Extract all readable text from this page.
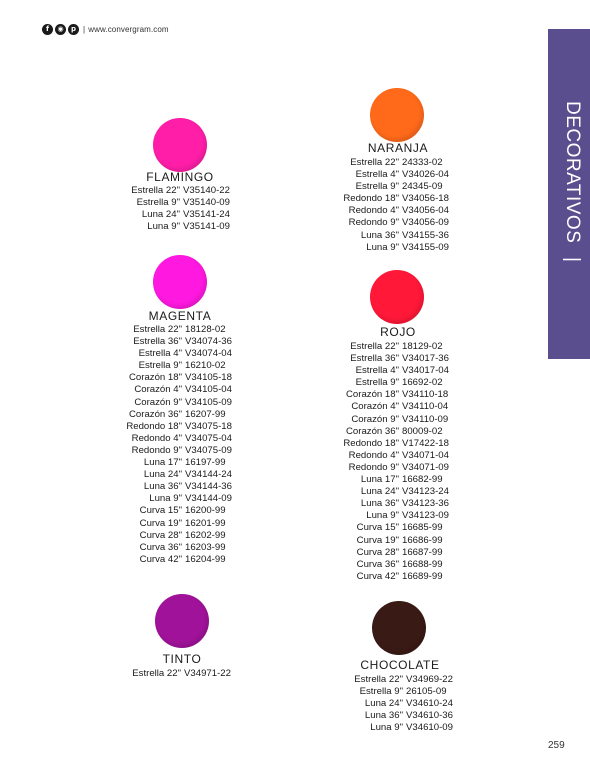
f	◉	p | www.convergram.com
DECORATIVOS |
FLAMINGO
Estrella 22" V35140-22
Estrella 9" V35140-09
Luna 24" V35141-24
Luna 9" V35141-09
MAGENTA
Estrella 22" 18128-02
Estrella 36" V34074-36
Estrella 4" V34074-04
Estrella 9" 16210-02
Corazón 18" V34105-18
Corazón 4" V34105-04
Corazón 9" V34105-09
Corazón 36" 16207-99
Redondo 18" V34075-18
Redondo 4" V34075-04
Redondo 9" V34075-09
Luna 17" 16197-99
Luna 24" V34144-24
Luna 36" V34144-36
Luna 9" V34144-09
Curva 15" 16200-99
Curva 19" 16201-99
Curva 28" 16202-99
Curva 36" 16203-99
Curva 42" 16204-99
TINTO
Estrella 22" V34971-22
NARANJA
Estrella 22" 24333-02
Estrella 4" V34026-04
Estrella 9" 24345-09
Redondo 18" V34056-18
Redondo 4" V34056-04
Redondo 9" V34056-09
Luna 36" V34155-36
Luna 9" V34155-09
ROJO
Estrella 22" 18129-02
Estrella 36" V34017-36
Estrella 4" V34017-04
Estrella 9" 16692-02
Corazón 18" V34110-18
Corazón 4" V34110-04
Corazón 9" V34110-09
Corazón 36" 80009-02
Redondo 18" V17422-18
Redondo 4" V34071-04
Redondo 9" V34071-09
Luna 17" 16682-99
Luna 24" V34123-24
Luna 36" V34123-36
Luna 9" V34123-09
Curva 15" 16685-99
Curva 19" 16686-99
Curva 28" 16687-99
Curva 36" 16688-99
Curva 42" 16689-99
CHOCOLATE
Estrella 22" V34969-22
Estrella 9" 26105-09
Luna 24" V34610-24
Luna 36" V34610-36
Luna 9" V34610-09
259
